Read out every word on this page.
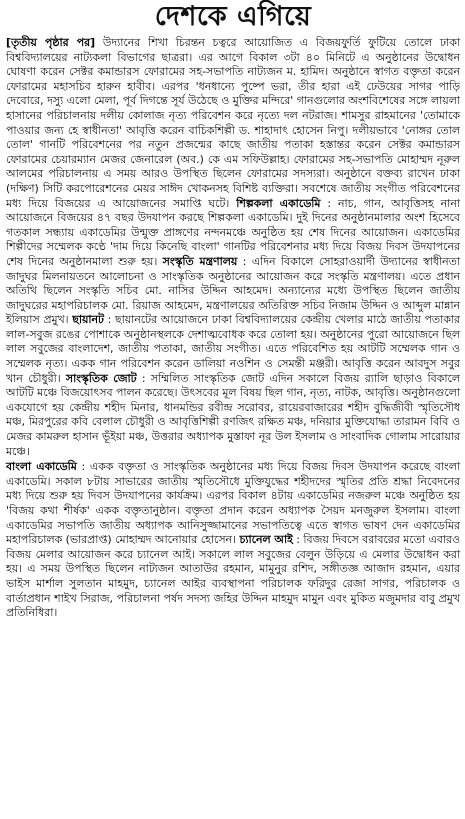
দেশকে এগিয়ে

[তৃতীয় পৃষ্ঠার পর] উদ্যানের শিখা চিরন্তন চত্বরে আয়োজিত এ বিজয়ফুর্তি ফুটিয়ে তোলে ঢাকা বিশ্ববিদ্যালয়ের নাট্যকলা বিভাগের ছাত্ররা। এর আগে বিকাল ৩টা ৪০ মিনিটে এ অনুষ্ঠানের উদ্বোধন ঘোষণা করেন সেক্টর কমান্ডারস ফোরামের সহ-সভাপতি নাট্যজন ম. হামিদ। অনুষ্ঠানে স্বাগত বক্তৃতা করেন ফোরামের মহাসচিব হারুন হাবীব। এরপর 'ধনধান্যে পুষ্পে ভরা, তীর হারা এই ঢেউয়ের সাগর পাড়ি দেবোরে, দস্যু এলো মেলা, পূর্ব দিগন্তে সূর্য উঠেছে ও মুক্তির মন্দিরে' গানগুলোর অংশবিশেষের সঙ্গে লায়লা হাসানের পরিচালনায় দলীয় কোলাজ নৃত্য পরিবেশন করে নৃত্যে দল নটরাজ। শামসুর রাহমানের 'তোমাকে পাওয়ার জন্য হে স্বাধীনতা' আবৃত্তি করেন বাচিকশিল্পী ড. শাহাদাৎ হোসেন নিপু। দলীয়ভাবে 'নোঙ্গর তোল তোল' গানটি পরিবেশনের পর নতুন প্রজন্মের কাছে জাতীয় পতাকা হস্তান্তর করেন সেক্টর কমান্ডারস ফোরামের চেয়ারম্যান মেজর জেনারেল (অব.) কে এম সফিউল্লাহ। ফোরামের সহ-সভাপতি মোহাম্মদ নূরুল আলমের পরিচালনায় এ সময় আরও উপস্থিত ছিলেন ফোরামের সদস্যরা। অনুষ্ঠানে বক্তব্য রাখেন ঢাকা (দক্ষিণ) সিটি করপোরেশনের মেয়র সাঈদ খোকনসহ বিশিষ্ট ব্যক্তিরা। সবশেষে জাতীয় সংগীত পরিবেশনের মধ্য দিয়ে বিজয়ের এ আয়োজনের সমাপ্তি ঘটে। শিল্পকলা একাডেমি : নাচ, গান, আবৃত্তিসহ নানা আয়োজনে বিজয়ের ৪৭ বছর উদযাপন করছে শিল্পকলা একাডেমি। দুই দিনের অনুষ্ঠানমালার অংশ হিসেবে গতকাল সন্ধ্যায় একাডেমির উন্মুক্ত প্রাঙ্গণের নন্দনমঞ্চে অনুষ্ঠিত হয় শেষ দিনের আয়োজন। একাডেমির শিল্পীদের সম্মেলক কণ্ঠে 'দাম দিয়ে কিনেছি বাংলা' গানটির পরিবেশনার মধ্য দিয়ে বিজয় দিবস উদযাপনের শেষ দিনের অনুষ্ঠানমালা শুরু হয়। সংস্কৃতি মন্ত্রণালয় : এদিন বিকালে সোহরাওয়ার্দী উদ্যানের স্বাধীনতা জাদুঘর মিলনায়তনে আলোচনা ও সাংস্কৃতিক অনুষ্ঠানের আয়োজন করে সংস্কৃতি মন্ত্রণালয়। এতে প্রধান অতিথি ছিলেন সংস্কৃতি সচিব মো. নাসির উদ্দিন আহমেদ। অন্যান্যের মধ্যে উপস্থিত ছিলেন জাতীয় জাদুঘরের মহাপরিচালক মো. রিয়াজ আহমেদ, মন্ত্রণালয়ের অতিরিক্ত সচিব নিজাম উদ্দিন ও আব্দুল মান্নান ইলিয়াস প্রমুখ। ছায়ানট : ছায়ানটের আয়োজনে ঢাকা বিশ্ববিদ্যালয়ের কেন্দ্রীয় খেলার মাঠে জাতীয় পতাকার লাল-সবুজ রঙের পোশাকে অনুষ্ঠানস্থলকে দেশাত্মবোধক করে তোলা হয়। অনুষ্ঠানের পুরো আয়োজনে ছিল লাল সবুজের বাংলাদেশ, জাতীয় পতাকা, জাতীয় সংগীত। এতে পরিবেশিত হয় আটটি সম্মেলক গান ও সম্মেলক নৃত্য। একক গান পরিবেশন করেন ডালিয়া নওশিন ও সেমন্তী মঞ্জরী। আবৃত্তি করেন আবদুস সবুর খান চৌধুরী। সাংস্কৃতিক জোট : সম্মিলিত সাংস্কৃতিক জোট এদিন সকালে বিজয় র‍্যালি ছাড়াও বিকালে আটটি মঞ্চে বিজয়োৎসব পালন করেছে। উৎসবের মূল বিষয় ছিল গান, নৃত্য, নাটক, আবৃত্তি। অনুষ্ঠানগুলো একযোগে হয় কেন্দ্রীয় শহীদ মিনার, ধানমন্ডির রবীন্দ্র সরোবর, রায়েরবাজারের শহীদ বুদ্ধিজীবী স্মৃতিসৌধ মঞ্চ, মিরপুরের কবি বেলাল চৌধুরী ও আবৃত্তিশিল্পী রণজিৎ রক্ষিত মঞ্চ, দনিয়ার মুক্তিযোদ্ধা তারামন বিবি ও মেজর কামরুল হাসান ভূঁইয়া মঞ্চ, উত্তরার অধ্যাপক মুস্তাফা নূর উল ইসলাম ও সাংবাদিক গোলাম সারোয়ার মঞ্চে।

বাংলা একাডেমি : একক বক্তৃতা ও সাংস্কৃতিক অনুষ্ঠানের মধ্য দিয়ে বিজয় দিবস উদযাপন করেছে বাংলা একাডেমি। সকাল ৮টায় সাভারের জাতীয় স্মৃতিসৌধে মুক্তিযুদ্ধের শহীদদের স্মৃতির প্রতি শ্রদ্ধা নিবেদনের মধ্য দিয়ে শুরু হয় দিবস উদযাপনের কার্যক্রম। এরপর বিকাল ৪টায় একাডেমির নজরুল মঞ্চে অনুষ্ঠিত হয় 'বিজয় কথা শীর্ষক' একক বক্তৃতানুষ্ঠান। বক্তৃতা প্রদান করেন অধ্যাপক সৈয়দ মনজুরুল ইসলাম। বাংলা একাডেমির সভাপতি জাতীয় অধ্যাপক আনিসুজ্জামানের সভাপতিত্বে এতে স্বাগত ভাষণ দেন একাডেমির মহাপরিচালক (ভারপ্রাপ্ত) মোহাম্মদ আনোয়ার হোসেন। চ্যানেল আই : বিজয় দিবসে বরাবরের মতো এবারও বিজয় মেলার আয়োজন করে চ্যানেল আই। সকালে লাল সবুজের বেলুন উড়িয়ে এ মেলার উদ্বোধন করা হয়। এ সময় উপস্থিত ছিলেন নাট্যজন আতাউর রহমান, মামুনুর রশিদ, সঙ্গীতজ্ঞ আজাদ রহমান, এয়ার ভাইস মার্শাল সুলতান মাহমুদ, চ্যানেল আইর ব্যবস্থাপনা পরিচালক ফরিদুর রেজা সাগর, পরিচালক ও বার্তাপ্রধান শাইখ সিরাজ, পরিচালনা পর্ষদ সদস্য জহির উদ্দিন মাহমুদ মামুন এবং মুকিত মজুমদার বাবু প্রমুখ প্রতিনিধিরা।
